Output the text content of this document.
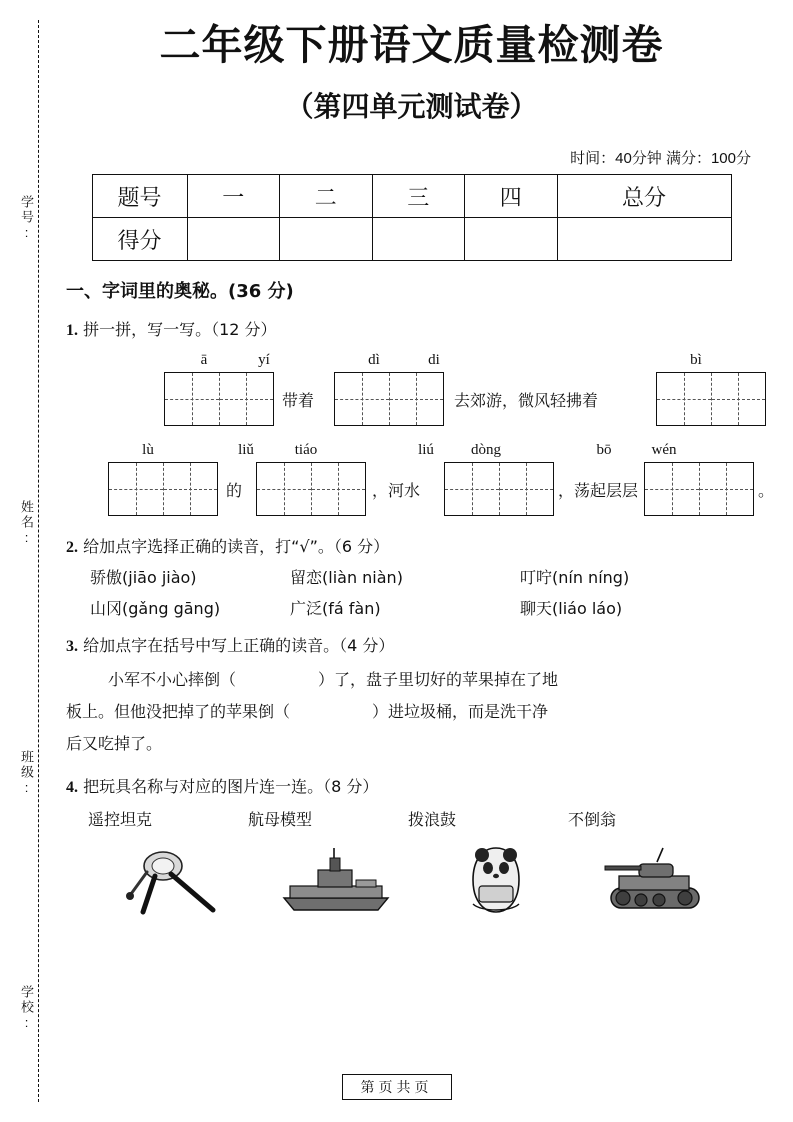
学号:
姓名:
班级:
学校:
二年级下册语文质量检测卷
（第四单元测试卷）
时间：40分钟 满分：100分
题号	一	二	三	四	总分
得分					
一、字词里的奥秘。(36 分)
1. 拼一拼，写一写。（12 分）
ā	yí	dì	di	bì
带着	去郊游，微风轻拂着
lù	liǔ	tiáo	liú	dòng	bō	wén
的	，河水	，荡起层层	。
2. 给加点字选择正确的读音，打“√”。（6 分）
骄傲(jiāo jiào)	留恋(liàn niàn)	叮咛(nín níng)
山冈(gǎng gāng)	广泛(fá fàn)	聊天(liáo láo)
3. 给加点字在括号中写上正确的读音。（4 分）
小军不小心摔倒（	）了，盘子里切好的苹果掉在了地
板上。但他没把掉了的苹果倒（	）进垃圾桶，而是洗干净
后又吃掉了。
4. 把玩具名称与对应的图片连一连。（8 分）
遥控坦克	航母模型	拨浪鼓	不倒翁
第页共页
